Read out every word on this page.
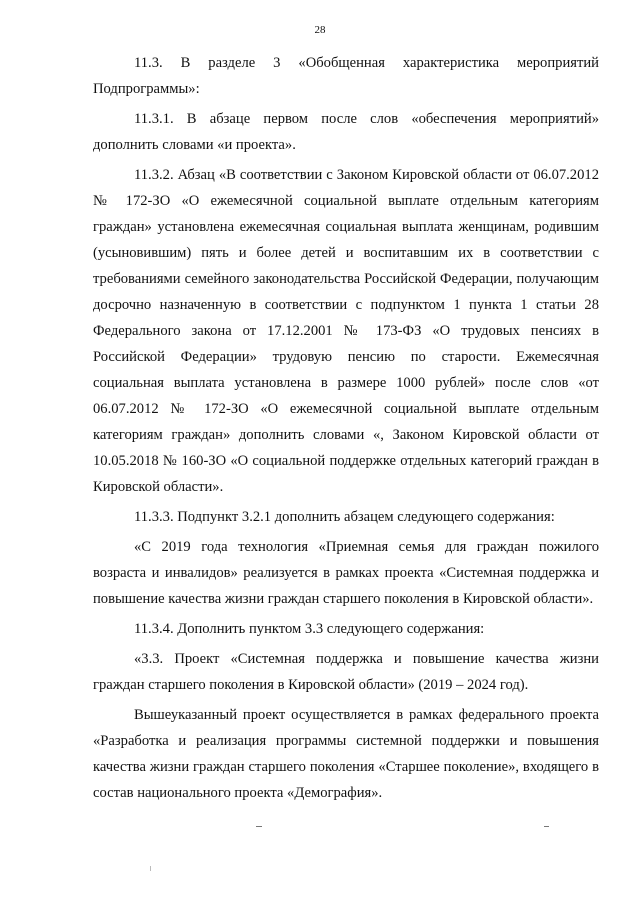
28

11.3. В разделе 3 «Обобщенная характеристика мероприятий Подпрограммы»:

11.3.1. В абзаце первом после слов «обеспечения мероприятий» дополнить словами «и проекта».

11.3.2. Абзац «В соответствии с Законом Кировской области от 06.07.2012 № 172-ЗО «О ежемесячной социальной выплате отдельным категориям граждан» установлена ежемесячная социальная выплата женщинам, родившим (усыновившим) пять и более детей и воспитавшим их в соответствии с требованиями семейного законодательства Российской Федерации, получающим досрочно назначенную в соответствии с подпунктом 1 пункта 1 статьи 28 Федерального закона от 17.12.2001 № 173-ФЗ «О трудовых пенсиях в Российской Федерации» трудовую пенсию по старости. Ежемесячная социальная выплата установлена в размере 1000 рублей» после слов «от 06.07.2012 № 172-ЗО «О ежемесячной социальной выплате отдельным категориям граждан» дополнить словами «, Законом Кировской области от 10.05.2018 № 160-ЗО «О социальной поддержке отдельных категорий граждан в Кировской области».

11.3.3. Подпункт 3.2.1 дополнить абзацем следующего содержания:

«С 2019 года технология «Приемная семья для граждан пожилого возраста и инвалидов» реализуется в рамках проекта «Системная поддержка и повышение качества жизни граждан старшего поколения в Кировской области».

11.3.4. Дополнить пунктом 3.3 следующего содержания:

«3.3. Проект «Системная поддержка и повышение качества жизни граждан старшего поколения в Кировской области» (2019 – 2024 год).

Вышеуказанный проект осуществляется в рамках федерального проекта «Разработка и реализация программы системной поддержки и повышения качества жизни граждан старшего поколения «Старшее поколение», входящего в состав национального проекта «Демография».
